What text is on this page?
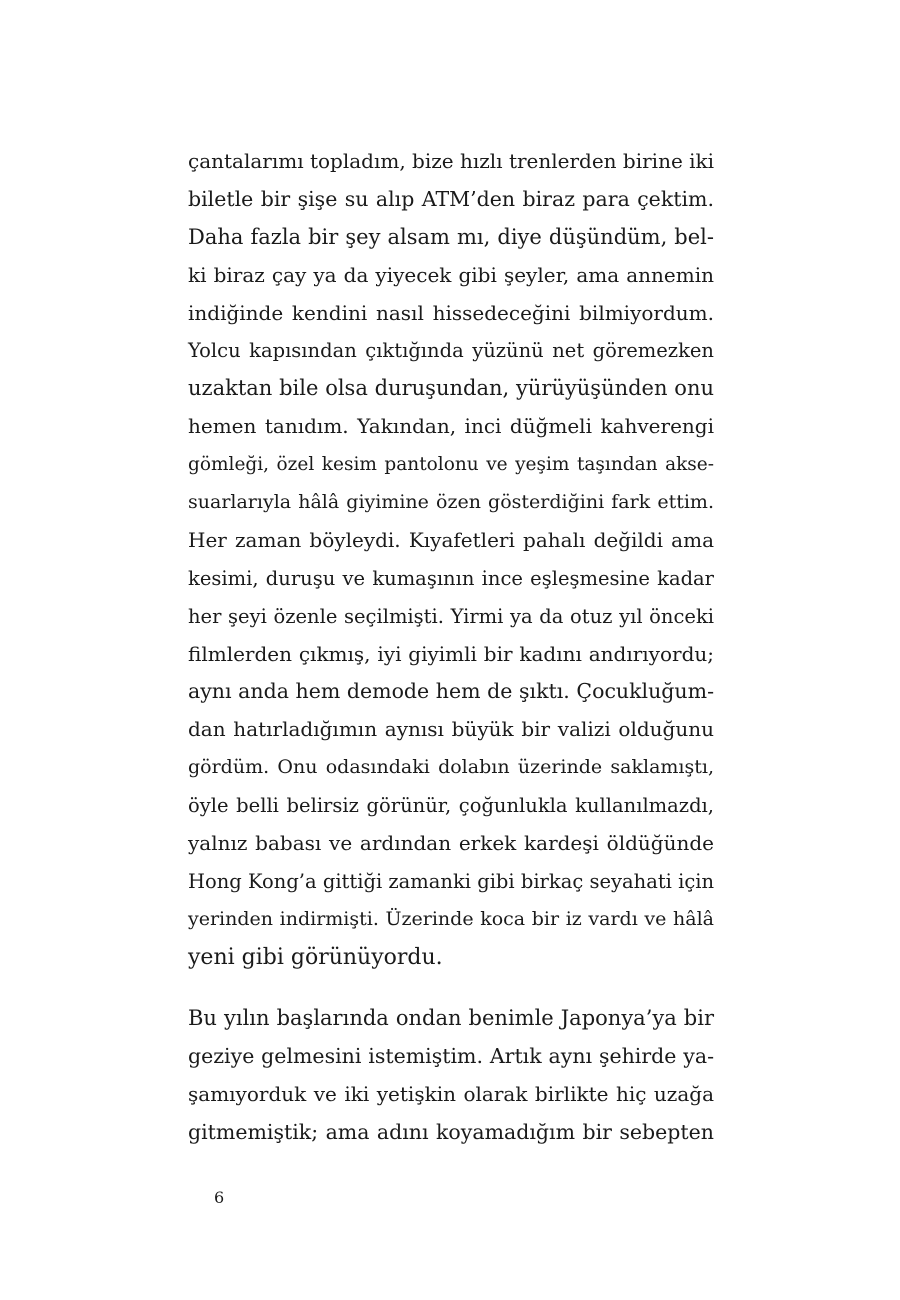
çantalarımı topladım, bize hızlı trenlerden birine iki
biletle bir şişe su alıp ATM’den biraz para çektim.
Daha fazla bir şey alsam mı, diye düşündüm, bel-
ki biraz çay ya da yiyecek gibi şeyler, ama annemin
indiğinde kendini nasıl hissedeceğini bilmiyordum.
Yolcu kapısından çıktığında yüzünü net göremezken
uzaktan bile olsa duruşundan, yürüyüşünden onu
hemen tanıdım. Yakından, inci düğmeli kahverengi
gömleği, özel kesim pantolonu ve yeşim taşından akse-
suarlarıyla hâlâ giyimine özen gösterdiğini fark ettim.
Her zaman böyleydi. Kıyafetleri pahalı değildi ama
kesimi, duruşu ve kumaşının ince eşleşmesine kadar
her şeyi özenle seçilmişti. Yirmi ya da otuz yıl önceki
filmlerden çıkmış, iyi giyimli bir kadını andırıyordu;
aynı anda hem demode hem de şıktı. Çocukluğum-
dan hatırladığımın aynısı büyük bir valizi olduğunu
gördüm. Onu odasındaki dolabın üzerinde saklamıştı,
öyle belli belirsiz görünür, çoğunlukla kullanılmazdı,
yalnız babası ve ardından erkek kardeşi öldüğünde
Hong Kong’a gittiği zamanki gibi birkaç seyahati için
yerinden indirmişti. Üzerinde koca bir iz vardı ve hâlâ
yeni gibi görünüyordu.
Bu yılın başlarında ondan benimle Japonya’ya bir
geziye gelmesini istemiştim. Artık aynı şehirde ya-
şamıyorduk ve iki yetişkin olarak birlikte hiç uzağa
gitmemiştik; ama adını koyamadığım bir sebepten
6
